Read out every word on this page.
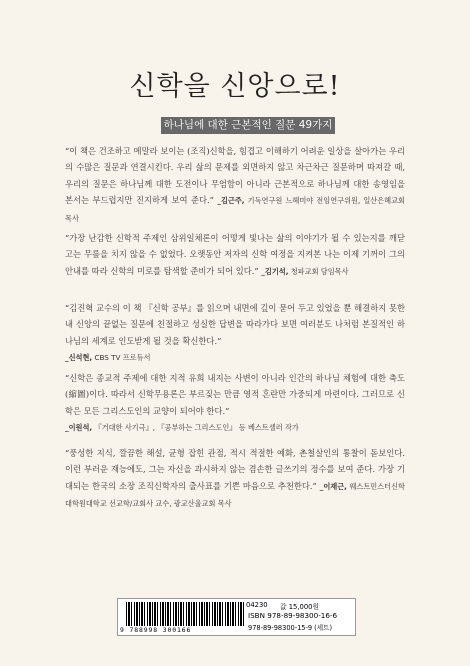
신학을 신앙으로!
하나님에 대한 근본적인 질문 49가지
“이 책은 건조하고 메말라 보이는 (조직)신학을, 힘겹고 이해하기 어려운 일상을 살아가는 우리의 수많은 질문과 연결시킨다. 우리 삶의 문제를 외면하지 않고 차근차근 질문하며 따져갈 때, 우리의 질문은 하나님께 대한 도전이나 무엄함이 아니라 근본적으로 하나님께 대한 송영임을 본서는 부드럽지만 진지하게 보여 준다.” _김근주, 기독연구원 느헤미야 전임연구위원, 일산은혜교회 목사
“가장 난감한 신학적 주제인 삼위일체론이 어떻게 빛나는 삶의 이야기가 될 수 있는지를 깨닫고는 무릎을 치지 않을 수 없었다. 오랫동안 저자의 신학 여정을 지켜본 나는 이제 기꺼이 그의 안내를 따라 신학의 미로를 탐색할 준비가 되어 있다.” _김기석, 청파교회 담임목사
“김진혁 교수의 이 책 『신학 공부』를 읽으며 내면에 깊이 묻어 두고 있었을 뿐 해결하지 못한 내 신앙의 끝없는 질문에 친절하고 성실한 답변을 따라가다 보면 여러분도 나처럼 본질적인 하나님의 세계로 인도받게 될 것을 확신한다.”
_신석현, CBS TV 프로듀서
“신학은 종교적 주제에 대한 지적 유희 내지는 사변이 아니라 인간의 하나님 체험에 대한 축도(縮圖)이다. 따라서 신학무용론은 부르짖는 만큼 영적 혼란만 가중되게 마련이다. 그러므로 신학은 모든 그리스도인의 교양이 되어야 한다.”
_이원석, 『거대한 사기극』, 『공부하는 그리스도인』 등 베스트셀러 작가
“풍성한 지식, 깔끔한 해설, 균형 잡힌 관점, 적시 적절한 예화, 촌철살인의 통찰이 돋보인다. 이런 부러운 재능에도, 그는 자신을 과시하지 않는 겸손한 글쓰기의 정수를 보여 준다. 가장 기대되는 한국의 소장 조직신학자의 출사표를 기쁜 마음으로 추천한다.” _이재근, 웨스트민스터신학대학원대학교 선교학/교회사 교수, 광교산울교회 목사
9 788998 300166
04230 값 15,000원
ISBN 978-89-98300-16-6
978-89-98300-15-9 (세트)
